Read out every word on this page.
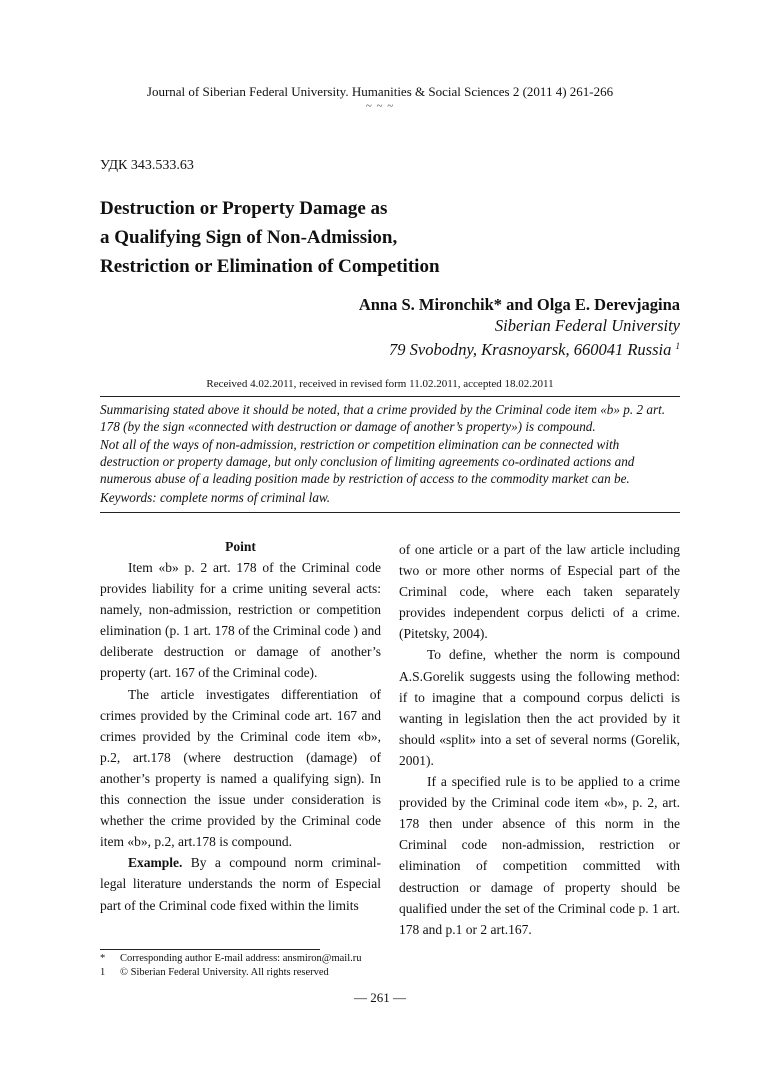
Journal of Siberian Federal University. Humanities & Social Sciences 2 (2011 4) 261-266
~ ~ ~
УДК 343.533.63
Destruction or Property Damage as
a Qualifying Sign of Non-Admission,
Restriction or Elimination of Competition
Anna S. Mironchik* and Olga E. Derevjagina
Siberian Federal University
79 Svobodny, Krasnoyarsk, 660041 Russia $^1$
Received 4.02.2011, received in revised form 11.02.2011, accepted 18.02.2011

Summarising stated above it should be noted, that a crime provided by the Criminal code item «b» p. 2 art. 178 (by the sign «connected with destruction or damage of another’s property») is compound.

Not all of the ways of non-admission, restriction or competition elimination can be connected with destruction or property damage, but only conclusion of limiting agreements co-ordinated actions and numerous abuse of a leading position made by restriction of access to the commodity market can be.

Keywords: complete norms of criminal law.

Point

Item «b» p. 2 art. 178 of the Criminal code provides liability for a crime uniting several acts: namely, non-admission, restriction or competition elimination (p. 1 art. 178 of the Criminal code ) and deliberate destruction or damage of another’s property (art. 167 of the Criminal code).

The article investigates differentiation of crimes provided by the Criminal code art. 167 and crimes provided by the Criminal code item «b», p.2, art.178 (where destruction (damage) of another’s property is named a qualifying sign). In this connection the issue under consideration is whether the crime provided by the Criminal code item «b», p.2, art.178 is compound.

Example. By a compound norm criminal-legal literature understands the norm of Especial part of the Criminal code fixed within the limits

of one article or a part of the law article including two or more other norms of Especial part of the Criminal code, where each taken separately provides independent corpus delicti of a crime. (Pitetsky, 2004).

To define, whether the norm is compound A.S.Gorelik suggests using the following method: if to imagine that a compound corpus delicti is wanting in legislation then the act provided by it should «split» into a set of several norms (Gorelik, 2001).

If a specified rule is to be applied to a crime provided by the Criminal code item «b», p. 2, art. 178 then under absence of this norm in the Criminal code non-admission, restriction or elimination of competition committed with destruction or damage of property should be qualified under the set of the Criminal code p. 1 art. 178 and p.1 or 2 art.167.

* Corresponding author E-mail address: ansmiron@mail.ru
1 © Siberian Federal University. All rights reserved
— 261 —
